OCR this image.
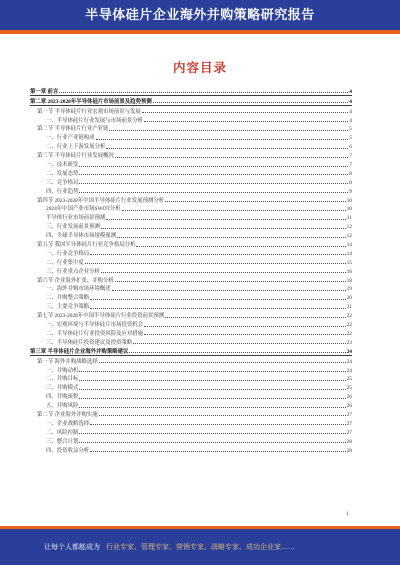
半导体硅片企业海外并购策略研究报告
内容目录
第一章 前言	4
第二章 2023-2028年半导体硅片市场前景及趋势预测	4
第一节 半导体硅片行业宏观市场前景与发展	4
一、半导体硅片行业发展与市场前景分析	4
第二节 半导体硅片行业产业链	5
一、行业产业链构成	5
二、行业上下游发展分析	6
第三节 半导体硅片行业发展概况	7
一、技术研发	7
二、发展态势	8
三、竞争格局	8
四、行业趋势	9
第四节 2023-2028年中国半导体硅片行业发展预测分析	10
2024年中国产业市场SWOT分析	10
半导体行业市场前景预测	11
三、行业发展前景预测	12
四、全球半导体市场规模预测	12
第五节 我国半导体硅片行业竞争格局分析	14
一、行业竞争格局	14
二、行业集中度	15
三、行业重点企业分析	16
第六节 企业海外扩张、并购分析	18
一、海外并购市场环境概述	19
二、并购整合策略	20
三、主要竞争策略	21
第七节 2023-2028年中国半导体硅片行业投资前景预测	22
一、宏观环境与半导体硅片市场投资机会	22
二、半导体硅片行业投资风险及应对措施	22
三、半导体硅片投资建议及投资策略	23
第三章 半导体硅片企业海外并购策略建议	24
第一节 海外并购战略选择	24
一、并购动机	24
二、并购目标	25
三、并购模式	25
四、并购流程	26
五、并购风险	26
第二节 企业海外并购实施	27
一、企业战略选择	27
二、风险控制	27
三、整合计划	28
四、投资收益分析	28
1
让每个人都能成为 行业专家、管理专家、营销专家、战略专家、成功企业家……
